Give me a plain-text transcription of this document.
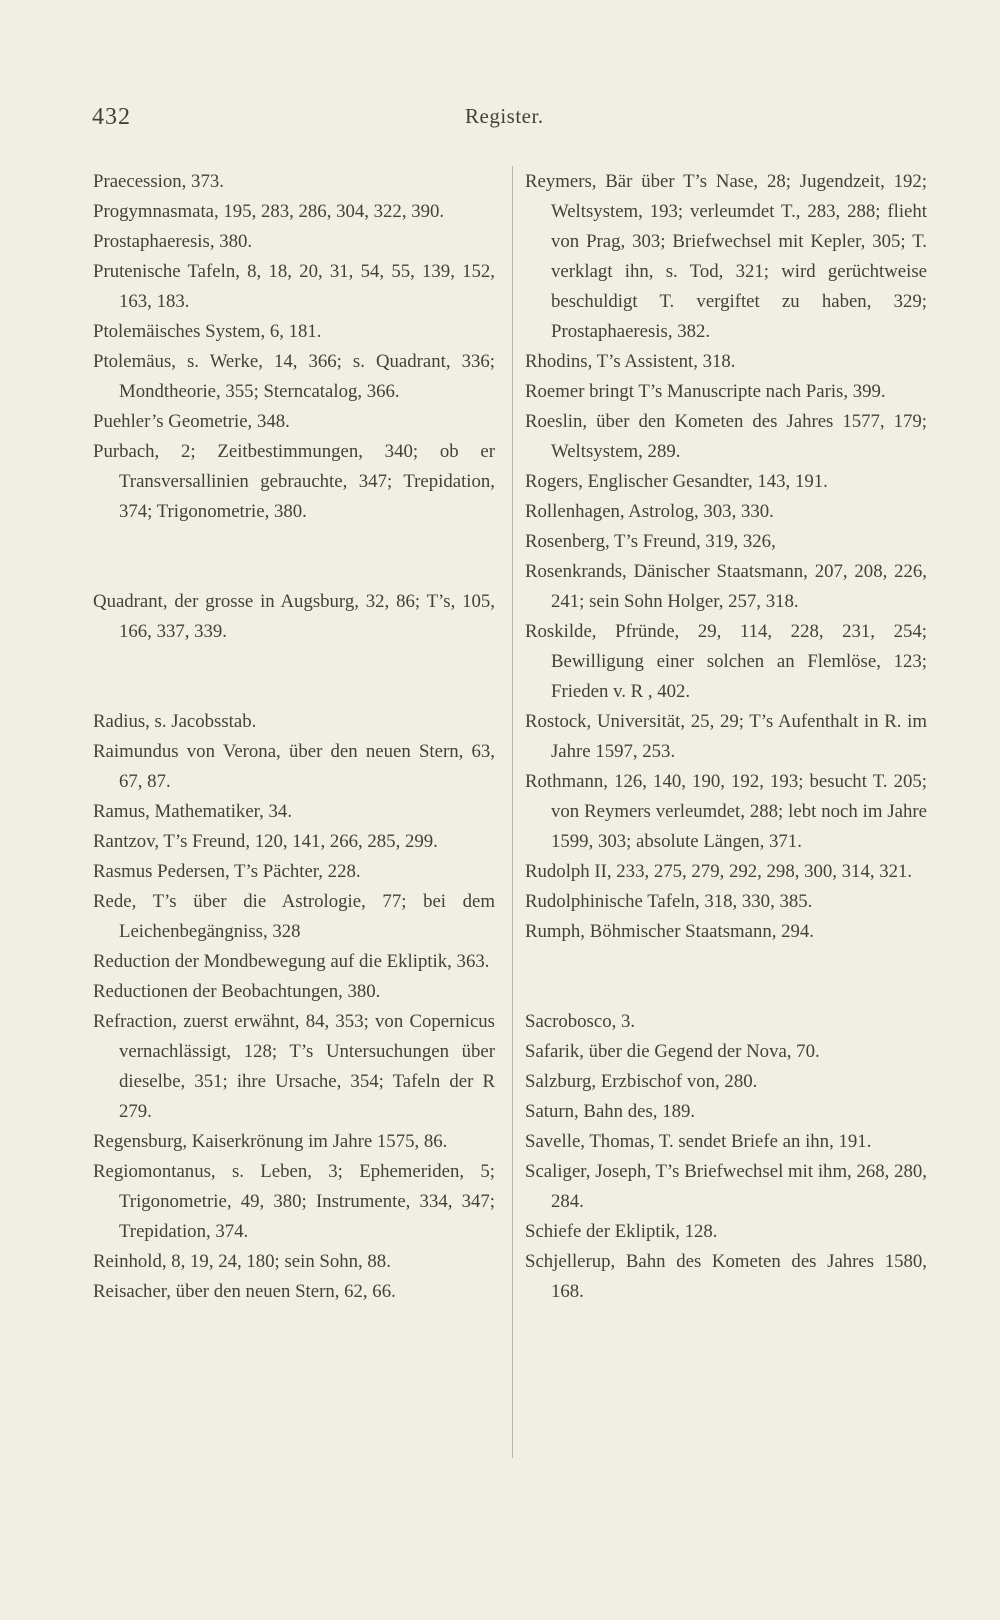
432	Register.
Praecession, 373.
Progymnasmata, 195, 283, 286, 304, 322, 390.
Prostaphaeresis, 380.
Prutenische Tafeln, 8, 18, 20, 31, 54, 55, 139, 152, 163, 183.
Ptolemäisches System, 6, 181.
Ptolemäus, s. Werke, 14, 366; s. Quadrant, 336; Mondtheorie, 355; Sterncatalog, 366.
Puehler’s Geometrie, 348.
Purbach, 2; Zeitbestimmungen, 340; ob er Transversallinien gebrauchte, 347; Trepidation, 374; Trigonometrie, 380.
Quadrant, der grosse in Augsburg, 32, 86; T’s, 105, 166, 337, 339.
Radius, s. Jacobsstab.
Raimundus von Verona, über den neuen Stern, 63, 67, 87.
Ramus, Mathematiker, 34.
Rantzov, T’s Freund, 120, 141, 266, 285, 299.
Rasmus Pedersen, T’s Pächter, 228.
Rede, T’s über die Astrologie, 77; bei dem Leichenbegängniss, 328
Reduction der Mondbewegung auf die Ekliptik, 363.
Reductionen der Beobachtungen, 380.
Refraction, zuerst erwähnt, 84, 353; von Copernicus vernachlässigt, 128; T’s Untersuchungen über dieselbe, 351; ihre Ursache, 354; Tafeln der R 279.
Regensburg, Kaiserkrönung im Jahre 1575, 86.
Regiomontanus, s. Leben, 3; Ephemeriden, 5; Trigonometrie, 49, 380; Instrumente, 334, 347; Trepidation, 374.
Reinhold, 8, 19, 24, 180; sein Sohn, 88.
Reisacher, über den neuen Stern, 62, 66.
Reymers, Bär über T’s Nase, 28; Jugendzeit, 192; Weltsystem, 193; verleumdet T., 283, 288; flieht von Prag, 303; Briefwechsel mit Kepler, 305; T. verklagt ihn, s. Tod, 321; wird gerüchtweise beschuldigt T. vergiftet zu haben, 329; Prostaphaeresis, 382.
Rhodins, T’s Assistent, 318.
Roemer bringt T’s Manuscripte nach Paris, 399.
Roeslin, über den Kometen des Jahres 1577, 179; Weltsystem, 289.
Rogers, Englischer Gesandter, 143, 191.
Rollenhagen, Astrolog, 303, 330.
Rosenberg, T’s Freund, 319, 326,
Rosenkrands, Dänischer Staatsmann, 207, 208, 226, 241; sein Sohn Holger, 257, 318.
Roskilde, Pfründe, 29, 114, 228, 231, 254; Bewilligung einer solchen an Flemlöse, 123; Frieden v. R , 402.
Rostock, Universität, 25, 29; T’s Aufenthalt in R. im Jahre 1597, 253.
Rothmann, 126, 140, 190, 192, 193; besucht T. 205; von Reymers verleumdet, 288; lebt noch im Jahre 1599, 303; absolute Längen, 371.
Rudolph II, 233, 275, 279, 292, 298, 300, 314, 321.
Rudolphinische Tafeln, 318, 330, 385.
Rumph, Böhmischer Staatsmann, 294.
Sacrobosco, 3.
Safarik, über die Gegend der Nova, 70.
Salzburg, Erzbischof von, 280.
Saturn, Bahn des, 189.
Savelle, Thomas, T. sendet Briefe an ihn, 191.
Scaliger, Joseph, T’s Briefwechsel mit ihm, 268, 280, 284.
Schiefe der Ekliptik, 128.
Schjellerup, Bahn des Kometen des Jahres 1580, 168.
